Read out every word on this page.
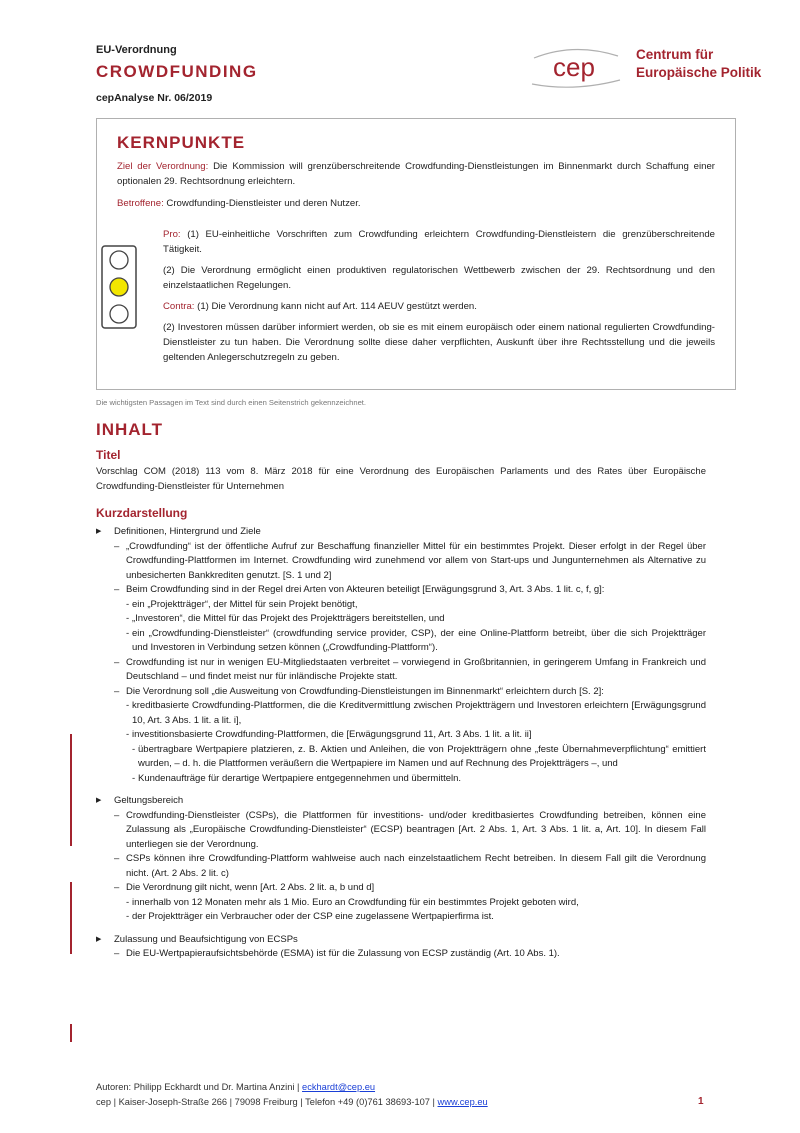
EU-Verordnung
CROWDFUNDING
cepAnalyse Nr. 06/2019
cep	Centrum für
Europäische Politik
KERNPUNKTE

Ziel der Verordnung: Die Kommission will grenzüberschreitende Crowdfunding-Dienstleistungen im Binnenmarkt durch Schaffung einer optionalen 29. Rechtsordnung erleichtern.

Betroffene: Crowdfunding-Dienstleister und deren Nutzer.

Pro: (1) EU-einheitliche Vorschriften zum Crowdfunding erleichtern Crowdfunding-Dienstleistern die grenzüberschreitende Tätigkeit.

(2) Die Verordnung ermöglicht einen produktiven regulatorischen Wettbewerb zwischen der 29. Rechtsordnung und den einzelstaatlichen Regelungen.

Contra: (1) Die Verordnung kann nicht auf Art. 114 AEUV gestützt werden.

(2) Investoren müssen darüber informiert werden, ob sie es mit einem europäisch oder einem national regulierten Crowdfunding-Dienstleister zu tun haben. Die Verordnung sollte diese daher verpflichten, Auskunft über ihre Rechtsstellung und die jeweils geltenden Anlegerschutzregeln zu geben.

Die wichtigsten Passagen im Text sind durch einen Seitenstrich gekennzeichnet.
INHALT
Titel

Vorschlag COM (2018) 113 vom 8. März 2018 für eine Verordnung des Europäischen Parlaments und des Rates über Europäische Crowdfunding-Dienstleister für Unternehmen

Kurzdarstellung
▶ Definitionen, Hintergrund und Ziele
– „Crowdfunding“ ist der öffentliche Aufruf zur Beschaffung finanzieller Mittel für ein bestimmtes Projekt. Dieser erfolgt in der Regel über Crowdfunding-Plattformen im Internet. Crowdfunding wird zunehmend vor allem von Start-ups und Jungunternehmen als Alternative zu unbesicherten Bankkrediten genutzt. [S. 1 und 2]
– Beim Crowdfunding sind in der Regel drei Arten von Akteuren beteiligt [Erwägungsgrund 3, Art. 3 Abs. 1 lit. c, f, g]:
- ein „Projektträger“, der Mittel für sein Projekt benötigt,
- „Investoren“, die Mittel für das Projekt des Projektträgers bereitstellen, und
- ein „Crowdfunding-Dienstleister“ (crowdfunding service provider, CSP), der eine Online-Plattform betreibt, über die sich Projektträger und Investoren in Verbindung setzen können („Crowdfunding-Plattform“).
– Crowdfunding ist nur in wenigen EU-Mitgliedstaaten verbreitet – vorwiegend in Großbritannien, in geringerem Umfang in Frankreich und Deutschland – und findet meist nur für inländische Projekte statt.
– Die Verordnung soll „die Ausweitung von Crowdfunding-Dienstleistungen im Binnenmarkt“ erleichtern durch [S. 2]:
- kreditbasierte Crowdfunding-Plattformen, die die Kreditvermittlung zwischen Projektträgern und Investoren erleichtern [Erwägungsgrund 10, Art. 3 Abs. 1 lit. a lit. i],
- investitionsbasierte Crowdfunding-Plattformen, die [Erwägungsgrund 11, Art. 3 Abs. 1 lit. a lit. ii]
- übertragbare Wertpapiere platzieren, z. B. Aktien und Anleihen, die von Projektträgern ohne „feste Übernahmeverpflichtung“ emittiert wurden, – d. h. die Plattformen veräußern die Wertpapiere im Namen und auf Rechnung des Projektträgers –, und
- Kundenaufträge für derartige Wertpapiere entgegennehmen und übermitteln.
▶ Geltungsbereich
– Crowdfunding-Dienstleister (CSPs), die Plattformen für investitions- und/oder kreditbasiertes Crowdfunding betreiben, können eine Zulassung als „Europäische Crowdfunding-Dienstleister“ (ECSP) beantragen [Art. 2 Abs. 1, Art. 3 Abs. 1 lit. a, Art. 10]. In diesem Fall unterliegen sie der Verordnung.
– CSPs können ihre Crowdfunding-Plattform wahlweise auch nach einzelstaatlichem Recht betreiben. In diesem Fall gilt die Verordnung nicht. (Art. 2 Abs. 2 lit. c)
– Die Verordnung gilt nicht, wenn [Art. 2 Abs. 2 lit. a, b und d]
- innerhalb von 12 Monaten mehr als 1 Mio. Euro an Crowdfunding für ein bestimmtes Projekt geboten wird,
- der Projektträger ein Verbraucher oder der CSP eine zugelassene Wertpapierfirma ist.
▶ Zulassung und Beaufsichtigung von ECSPs
– Die EU-Wertpapieraufsichtsbehörde (ESMA) ist für die Zulassung von ECSP zuständig (Art. 10 Abs. 1).
Autoren: Philipp Eckhardt und Dr. Martina Anzini | eckhardt@cep.eu
cep | Kaiser-Joseph-Straße 266 | 79098 Freiburg | Telefon +49 (0)761 38693-107 | www.cep.eu	1
